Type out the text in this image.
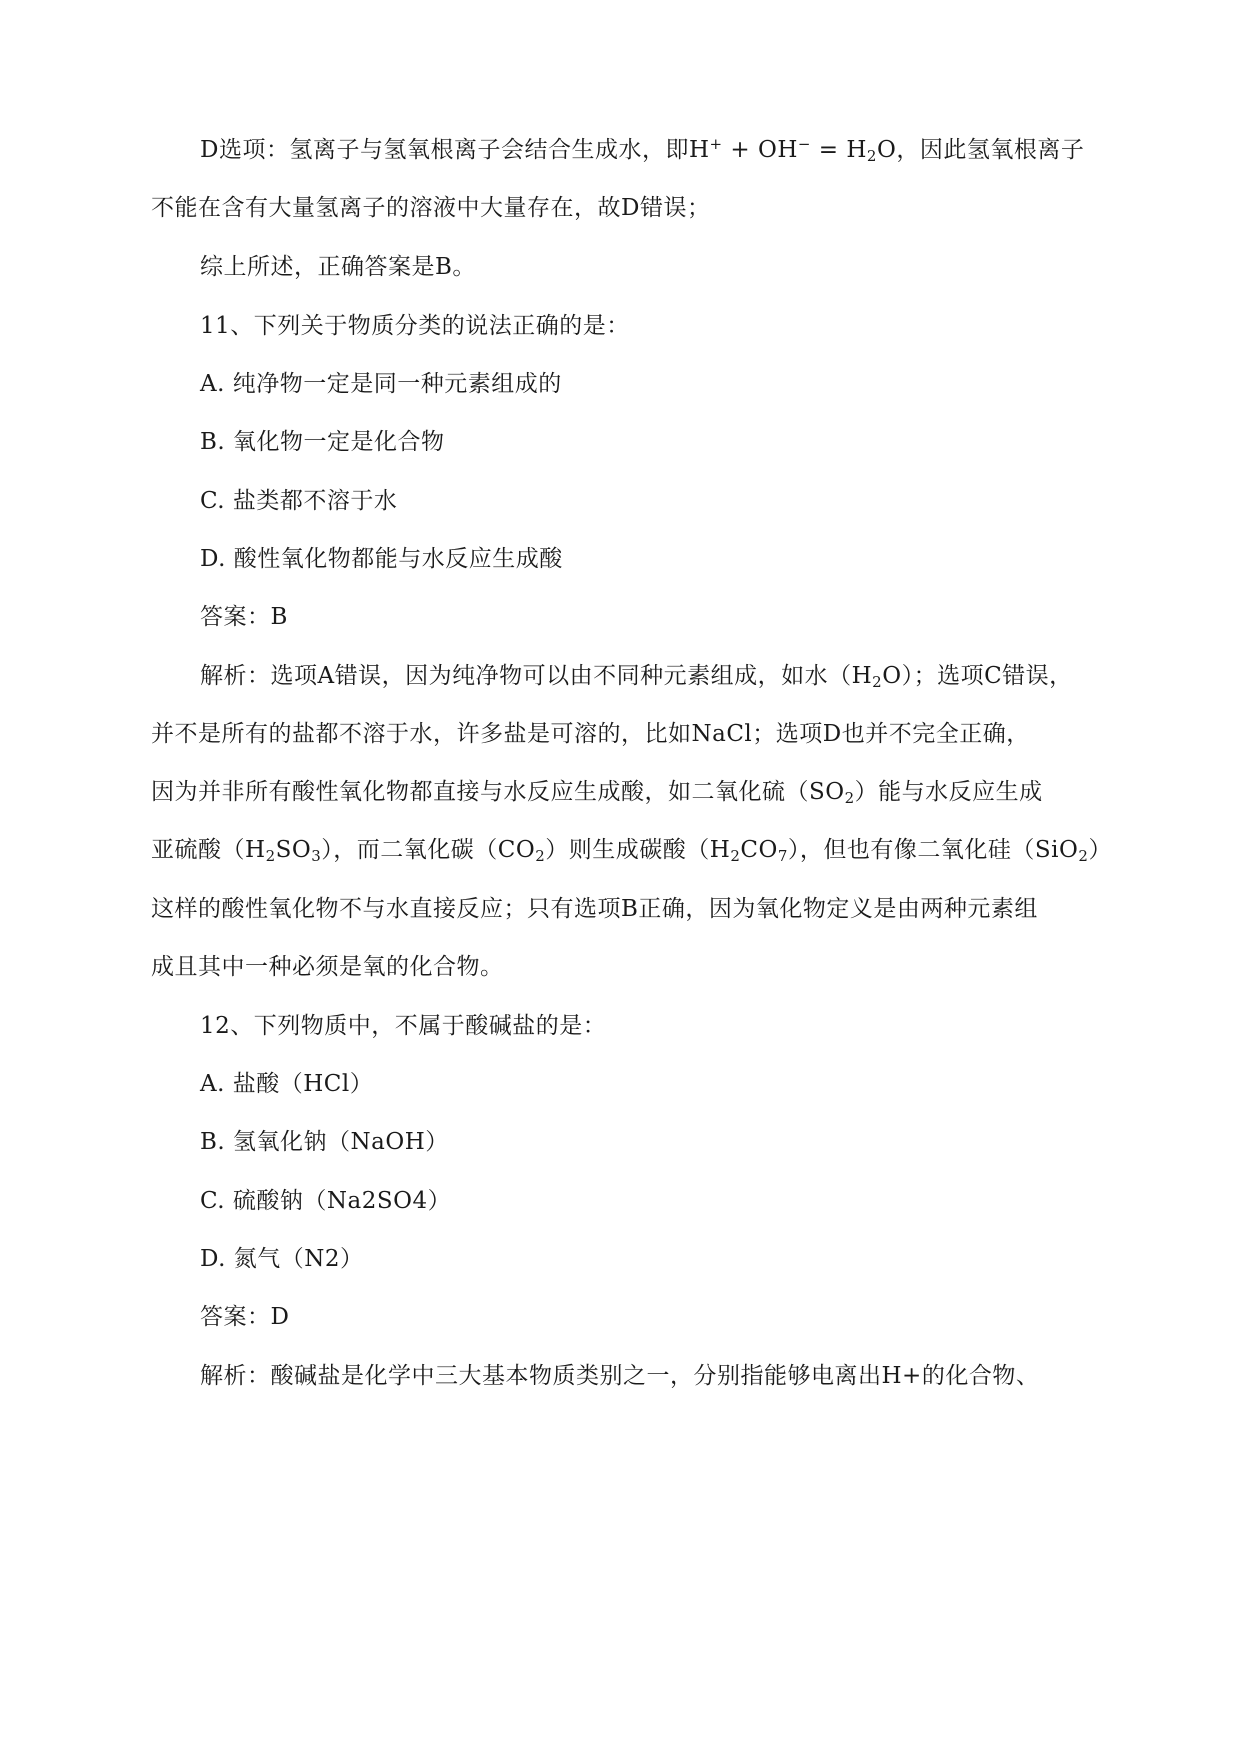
D选项：氢离子与氢氧根离子会结合生成水，即$H^+ + OH^- = H_2O$，因此氢氧根离子
不能在含有大量氢离子的溶液中大量存在，故D错误；
综上所述，正确答案是B。
11、下列关于物质分类的说法正确的是：
A. 纯净物一定是同一种元素组成的
B. 氧化物一定是化合物
C. 盐类都不溶于水
D. 酸性氧化物都能与水反应生成酸
答案：B
解析：选项A错误，因为纯净物可以由不同种元素组成，如水$(H_2O)$；选项C错误，
并不是所有的盐都不溶于水，许多盐是可溶的，比如NaCl；选项D也并不完全正确，
因为并非所有酸性氧化物都直接与水反应生成酸，如二氧化硫$(SO_2)$能与水反应生成
亚硫酸$(H_2SO_3)$，而二氧化碳$(CO_2)$则生成碳酸$(H_2CO_7)$，但也有像二氧化硅（SiO$_2$）
这样的酸性氧化物不与水直接反应；只有选项B正确，因为氧化物定义是由两种元素组
成且其中一种必须是氧的化合物。
12、下列物质中，不属于酸碱盐的是：
A. 盐酸（HCl）
B. 氢氧化钠（NaOH）
C. 硫酸钠（Na2SO4）
D. 氮气（N2）
答案：D
解析：酸碱盐是化学中三大基本物质类别之一，分别指能够电离出H+的化合物、
